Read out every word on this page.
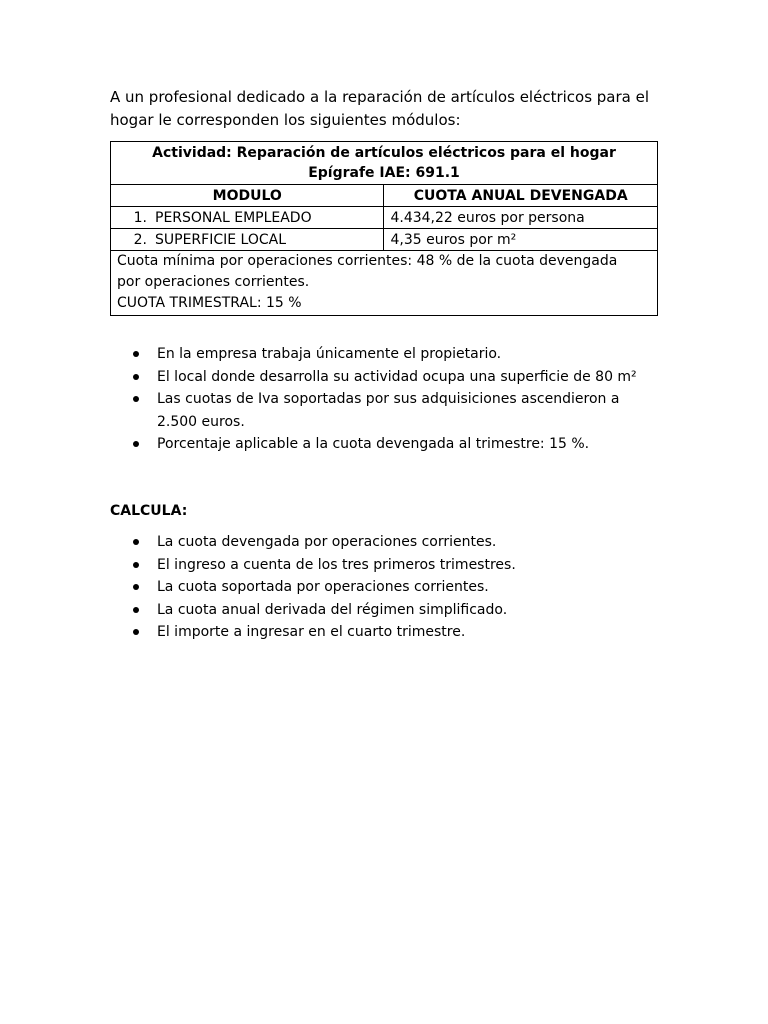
A un profesional dedicado a la reparación de artículos eléctricos para el
hogar le corresponden los siguientes módulos:

Actividad: Reparación de artículos eléctricos para el hogar
Epígrafe IAE: 691.1	

MODULO	CUOTA ANUAL DEVENGADA
1. PERSONAL EMPLEADO	4.434,22 euros por persona
2. SUPERFICIE LOCAL	4,35 euros por m²

Cuota mínima por operaciones corrientes: 48 % de la cuota devengada
por operaciones corrientes.
CUOTA TRIMESTRAL: 15 %	
En la empresa trabaja únicamente el propietario.
El local donde desarrolla su actividad ocupa una superficie de 80 m²
Las cuotas de Iva soportadas por sus adquisiciones ascendieron a
2.500 euros.
Porcentaje aplicable a la cuota devengada al trimestre: 15 %.

CALCULA:

La cuota devengada por operaciones corrientes.
El ingreso a cuenta de los tres primeros trimestres.
La cuota soportada por operaciones corrientes.
La cuota anual derivada del régimen simplificado.
El importe a ingresar en el cuarto trimestre.
